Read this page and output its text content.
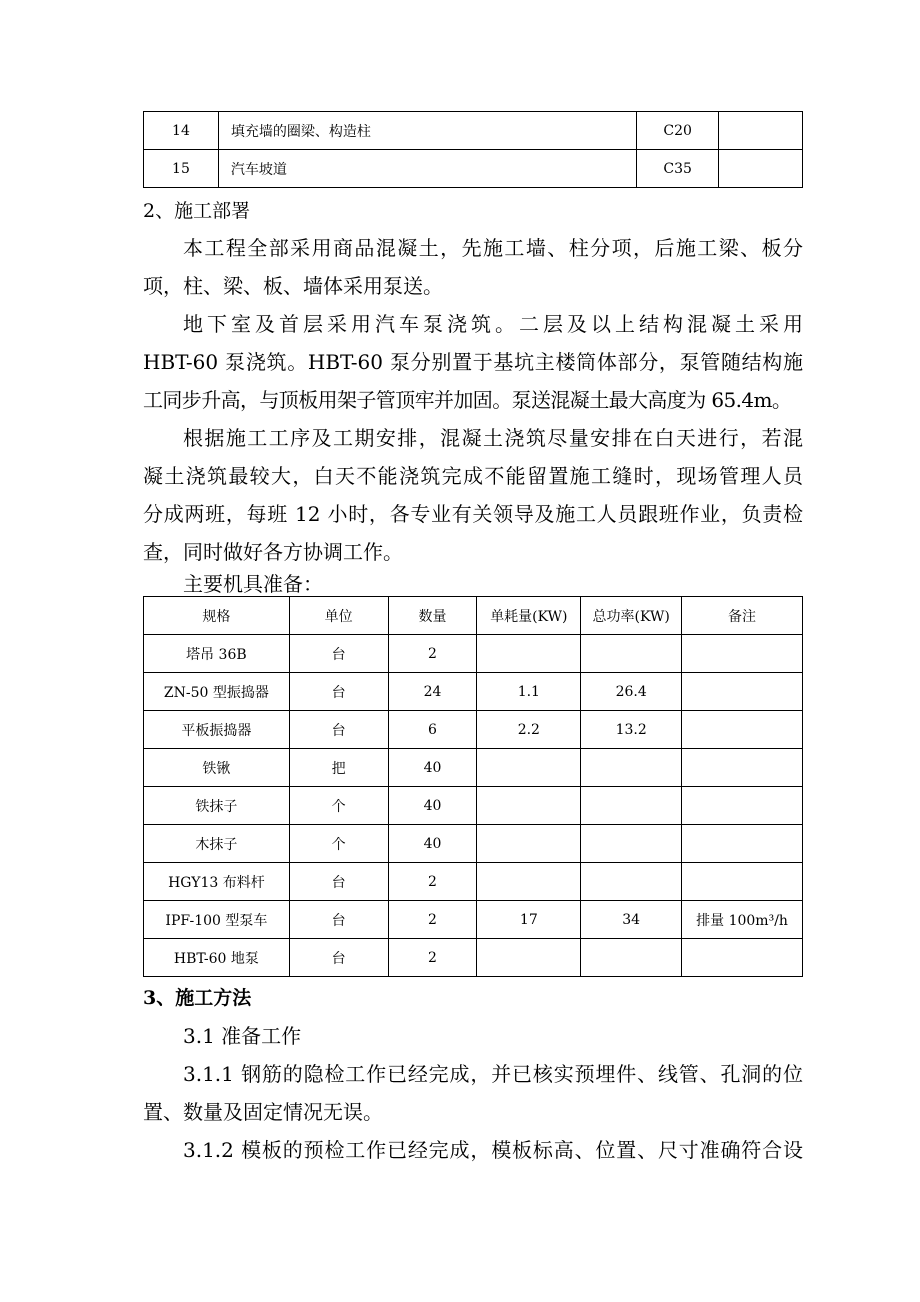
14	填充墙的圈梁、构造柱	C20	
15	汽车坡道	C35	
2、施工部署
本工程全部采用商品混凝土，先施工墙、柱分项，后施工梁、板分
项，柱、梁、板、墙体采用泵送。
地下室及首层采用汽车泵浇筑。二层及以上结构混凝土采用
HBT-60 泵浇筑。HBT-60 泵分别置于基坑主楼筒体部分，泵管随结构施
工同步升高，与顶板用架子管顶牢并加固。泵送混凝土最大高度为 65.4m。
根据施工工序及工期安排，混凝土浇筑尽量安排在白天进行，若混
凝土浇筑最较大，白天不能浇筑完成不能留置施工缝时，现场管理人员
分成两班，每班 12 小时，各专业有关领导及施工人员跟班作业，负责检
查，同时做好各方协调工作。
主要机具准备：
规格	单位	数量	单耗量(KW)	总功率(KW)	备注
塔吊 36B	台	2			
ZN-50 型振捣器	台	24	1.1	26.4	
平板振捣器	台	6	2.2	13.2	
铁锹	把	40			
铁抹子	个	40			
木抹子	个	40			
HGY13 布料杆	台	2			
IPF-100 型泵车	台	2	17	34	排量 100m³/h
HBT-60 地泵	台	2			
3、施工方法
3.1 准备工作
3.1.1 钢筋的隐检工作已经完成，并已核实预埋件、线管、孔洞的位
置、数量及固定情况无误。
3.1.2 模板的预检工作已经完成，模板标高、位置、尺寸准确符合设
